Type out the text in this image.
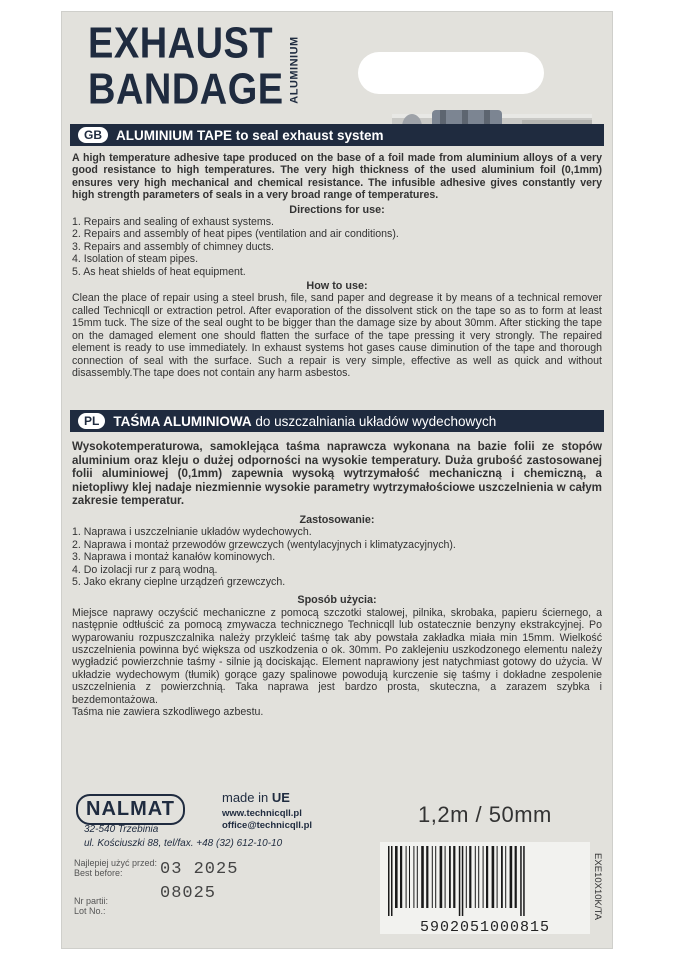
EXHAUST
BANDAGE ALUMINIUM
GB	ALUMINIUM TAPE to seal exhaust system
A high temperature adhesive tape produced on the base of a foil made from aluminium alloys of a very good resistance to high temperatures. The very high thickness of the used aluminium foil (0,1mm) ensures very high mechanical and chemical resistance. The infusible adhesive gives constantly very high strength parameters of seals in a very broad range of temperatures.
Directions for use:
1. Repairs and sealing of exhaust systems.
2. Repairs and assembly of heat pipes (ventilation and air conditions).
3. Repairs and assembly of chimney ducts.
4. Isolation of steam pipes.
5. As heat shields of heat equipment.
How to use:
Clean the place of repair using a steel brush, file, sand paper and degrease it by means of a technical remover called Technicqll or extraction petrol. After evaporation of the dissolvent stick on the tape so as to form at least 15mm tuck. The size of the seal ought to be bigger than the damage size by about 30mm. After sticking the tape on the damaged element one should flatten the surface of the tape pressing it very strongly. The repaired element is ready to use immediately. In exhaust systems hot gases cause diminution of the tape and thorough connection of seal with the surface. Such a repair is very simple, effective as well as quick and without disassembly.The tape does not contain any harm asbestos.
PL	TAŚMA ALUMINIOWA do uszczalniania układów wydechowych
Wysokotemperaturowa, samoklejąca taśma naprawcza wykonana na bazie folii ze stopów aluminium oraz kleju o dużej odporności na wysokie temperatury. Duża grubość zastosowanej folii aluminiowej (0,1mm) zapewnia wysoką wytrzymałość mechaniczną i chemiczną, a nietopliwy klej nadaje niezmiennie wysokie parametry wytrzymałościowe uszczelnienia w całym zakresie temperatur.
Zastosowanie:
1. Naprawa i uszczelnianie układów wydechowych.
2. Naprawa i montaż przewodów grzewczych (wentylacyjnych i klimatyzacyjnych).
3. Naprawa i montaż kanałów kominowych.
4. Do izolacji rur z parą wodną.
5. Jako ekrany cieplne urządzeń grzewczych.
Sposób użycia:
Miejsce naprawy oczyścić mechaniczne z pomocą szczotki stalowej, pilnika, skrobaka, papieru ściernego, a następnie odtłuścić za pomocą zmywacza technicznego Technicqll lub ostatecznie benzyny ekstrakcyjnej. Po wyparowaniu rozpuszczalnika należy przykleić taśmę tak aby powstała zakładka miała min 15mm. Wielkość uszczelnienia powinna być większa od uszkodzenia o ok. 30mm. Po zaklejeniu uszkodzonego elementu należy wygładzić powierzchnie taśmy - silnie ją dociskając. Element naprawiony jest natychmiast gotowy do użycia. W układzie wydechowym (tłumik) gorące gazy spalinowe powodują kurczenie się taśmy i dokładne zespolenie uszczelnienia z powierzchnią. Taka naprawa jest bardzo prosta, skuteczna, a zarazem szybka i bezdemontażowa.
Taśma nie zawiera szkodliwego azbestu.
NALMAT
32-540 Trzebinia
ul. Kościuszki 88, tel/fax. +48 (32) 612-10-10
made in UE
www.technicqll.pl
office@technicqll.pl	1,2m / 50mm
Najlepiej użyć przed:
Best before:	03 2025
Nr partii:
Lot No.:
08025
5902051000815
EXE10X10K/TA
